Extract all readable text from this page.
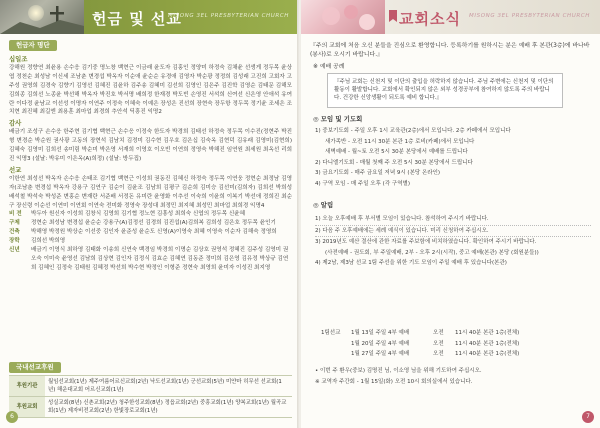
헌금 및 선교
MISONG 3EL PRESBYTERIAN CHURCH
헌금자 명단
십일조
강해원 정향연 최윤용 손수응 김기중 명노창 백현근 이금래 윤도자 김홍인 정양미 하정숙 김채윤 선생게 정두목 윤상엽 정천순 최성남 이신세 조남춘 변경섭 박옥자 이순애 윤순순 유경애 김영자 박순광 정정희 김성래 고진희 고회자 고주성 권영희 김경숙 김향기 김영선 김혜진 김윤하 김주송 김혜미 김선희 김영인 김은주 김진학 김영순 김태문 김해모 김희종 김희선 노종윤 박선해 박옥자 박진호 박서명 배희정 한재경 박도빈 손영진 서석희 신여선 신은영 안애석 유여란 이다정 윤남교 이선성 이명자 이연주 이정숙 이혜숙 이예은 장성은 진선희 장현숙 장두항 정두목 정기윤 조세은 조치현 최진혜 최길엔 최용훈 최마업 최경희 추안석 딕흥진 익명2
감사
배금기 조성구 손수응 한주현 김기협 백현근 손수응 이정숙 한도자 박경희 김태선 하정숙 정두목 이수진(정현주 박진형 변경순 박순원 권사광 고동의 장현석 김남치 김정미 김수현 김우호 김은십 김숙옥 김현덕 김유래 김영미(김현희) 김혜숙 김영미 김희선 송미림 박순미 박은영 서재희 이영호 이오빈 이연희 정영숙 박해진 임연원 최세원 최옥선 리희진 익명3 (설날: 박유미 이은옥(A)희정) (설날: 방두집)
선교
이한연 최성선 박옥자 손수응 손태조 김기협 백현근 이성희 권동진 김혜신 하정숙 정두목 이연웅 정현순 최정남 김영자(조남춘 변경섭 박옥자 강용구 김연구 김순이 김윤조 김남희 김평구 김순희 김미승 김선미(김희자) 김희선 박희성 배석철 박석숙 박성준 변홍순 변재란 서준배 서정돈 유미란 윤영화 이추선 이숙희 이윤희 이복기 박선애 정희진 최순구 장신령 이순선 이연미 이연회 이연숙 전미화 정영숙 장성대 최정민 최지혜 최성민 최마업 최희경 익명4
비 전	박두아 원신자 이성희 김창식 김영희 김기협 정노현 김흥성 최희숙 신엽의 정두목 신윤혜
구제	정현순 최성남 변경섭 윤순순 강용구(A)김정선 김경희 김진섭(A)김희복 김희성 김은호 정두목 윤인기
건축	박해영 박정원 박상순 이선중 김인자 윤준성 윤순도 신영(A)이영숙 최혜 이영숙 이순자 김해숙 정영희
장학	김희선 박희영
신년	배금기 이영식 최하영 김태화 이송희 신연숙 백경임 박경희 이명순 김상호 권영석 정혜진 김주성 김영미 권오숙 이미숙 윤영선 김남희 김상현 김인자 김정식 김효순 김혜연 김동준 정미희 김은영 김유정 박상규 김연희 김혜인 김정숙 김태원 김혜정 박선희 박수현 박정인 이형준 정현숙 최영희 윤미자 이성진 최지영
국내선교후원
후원기관	월임선교회(1년) 제주여름어르신교회(2년) 낙도선교회(1년) 군선교회(5년) 미얀마 히무선 선교회(1년) 해운대교회 어르신교회(1년)
후원교회	성실교회(8년) 신촌교회(2년) 청주한성교회(8년) 정읍교회(2년) 중흥교회(1년) 양복교회(1년) 월곡교회(1년) 제자비전교회(2년) 한빛장로교회(1년)
6
교회소식 MISONG 3EL PRESBYTERIAN CHURCH
『주의 교회에 처음 오신 분들을 진심으로 환영합니다. 등록하기를 원하시는 분은 예배 후 본관(3층)에 바나바(봉사)로 오시기 바랍니다.』
※ 예배 공례
『주님 교회는 신천지 및 이단의 출입을 허락하지 않습니다. 주님 주변에는 신천지 및 이단의 활동이 활발합니다. 교회에서 확인되지 않은 외부 성경공부에 참여하지 않도록 주의 바랍니다. 건강한 신앙생활이 되도록 예비 합니다.』
◎ 모임 및 기도회
1) 중보기도회 - 주일 오후 1시 교육관(2층)에서 모입니다. 2층 카페에서 모입니다
새가족반 - 오전 11시 30분 본관 1층 로비(카페)에서 모입니다
새벽예배 - 월~토 오전 5시 30분 본당에서 예배를 드립니다
2) 다니엘기도회 - 매월 첫째 주 오전 5시 30분 본당에서 드립니다
3) 금요기도회 - 매주 금요일 저녁 9시 (본당 온라인)
4) 구역 모임 - 매 주일 오후 (각 구역별)
◎ 알림
1) 오늘 오후예배 후 부서별 모임이 있습니다. 참석하여 주시기 바랍니다.
2) 다음 주 오후예배에는 세례 예식이 있습니다. 미리 신청하여 주십시오.
3) 2019년도 예산 결산에 관한 자료를 주보함에 비치하였습니다. 확인하여 주시기 바랍니다.
(사전예배 - 권도회, 부 주일예배, 2부 - 오후 2시(시작), 중고 예배(본관) 본당 (회원분들))
4) 제2남, 제3남 선교 1팀 주선을 위한 기도 모임이 주일 예배 후 있습니다(본관)
1팀선교	1월 13일 주일 4부 예배	오전	11시 40분 본관 1층(전체)
1월 20일 주일 4부 예배	오전	11시 40분 본관 1층(전체)
1월 27일 주일 4부 예배	오전	11시 40분 본관 1층(전체)
• 이번 주 환우(중보) 김명진 님, 이소영 님을 위해 기도하여 주십시오.
※ 교역자 주간회 - 1월 15일(화) 오전 10시 회의실에서 있습니다.
7
